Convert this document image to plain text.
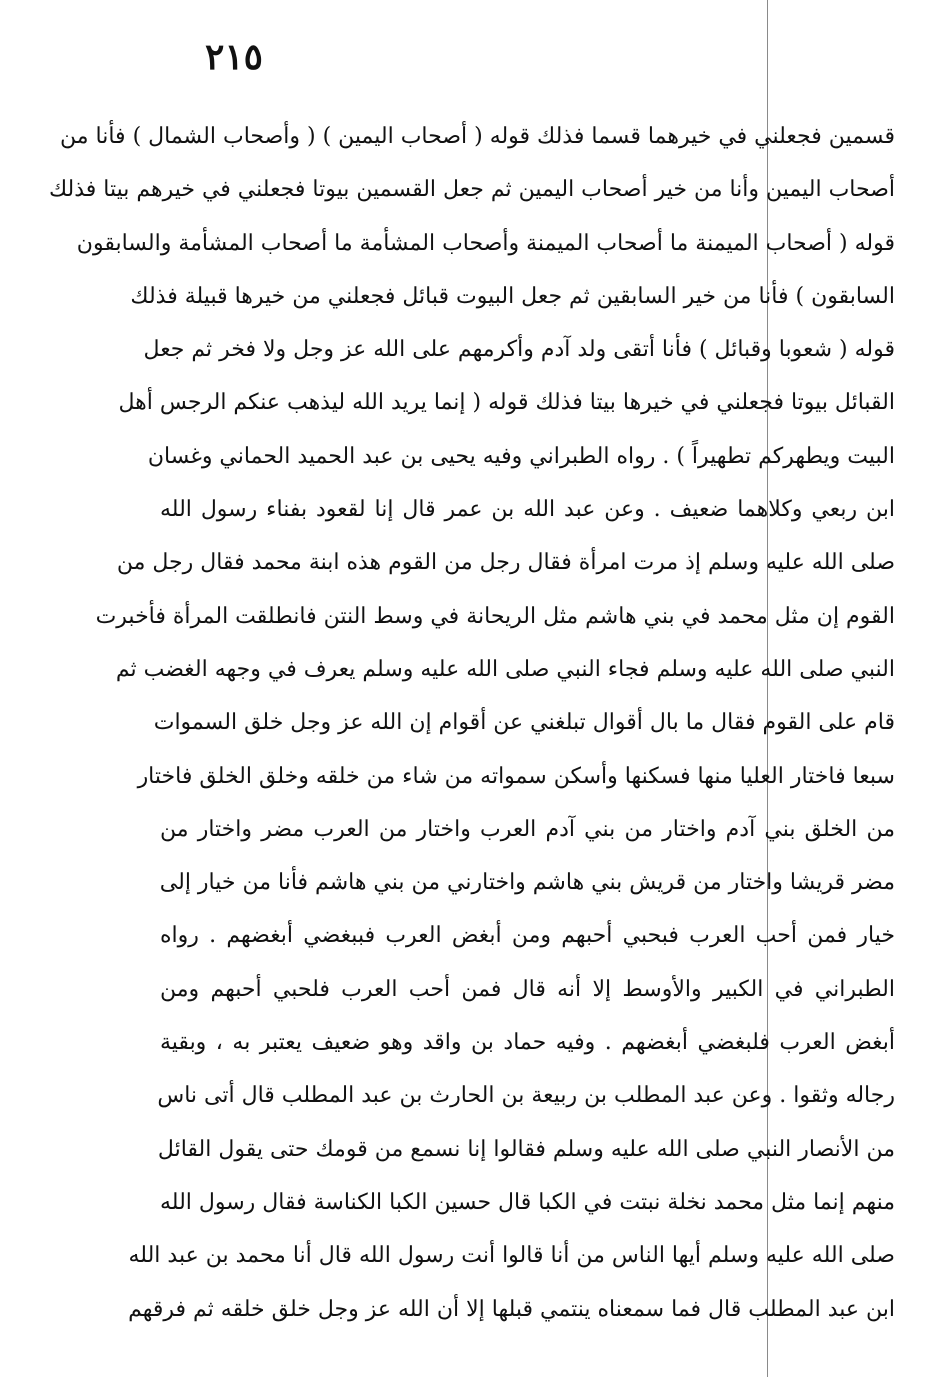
٢١٥
قسمين فجعلني في خيرهما قسما فذلك قوله ( أصحاب اليمين ) ( وأصحاب الشمال ) فأنا من
أصحاب اليمين وأنا من خير أصحاب اليمين ثم جعل القسمين بيوتا فجعلني في خيرهم بيتا فذلك
قوله ( أصحاب الميمنة ما أصحاب الميمنة وأصحاب المشأمة ما أصحاب المشأمة والسابقون
السابقون ) فأنا من خير السابقين ثم جعل البيوت قبائل فجعلني من خيرها قبيلة فذلك
قوله ( شعوبا وقبائل ) فأنا أتقى ولد آدم وأكرمهم على الله عز وجل ولا فخر ثم جعل
القبائل بيوتا فجعلني في خيرها بيتا فذلك قوله ( إنما يريد الله ليذهب عنكم الرجس أهل
البيت ويطهركم تطهيراً ) . رواه الطبراني وفيه يحيى بن عبد الحميد الحماني وغسان
ابن ربعي وكلاهما ضعيف . وعن عبد الله بن عمر قال إنا لقعود بفناء رسول الله
صلى الله عليه وسلم إذ مرت امرأة فقال رجل من القوم هذه ابنة محمد فقال رجل من
القوم إن مثل محمد في بني هاشم مثل الريحانة في وسط النتن فانطلقت المرأة فأخبرت
النبي صلى الله عليه وسلم فجاء النبي صلى الله عليه وسلم يعرف في وجهه الغضب ثم
قام على القوم فقال ما بال أقوال تبلغني عن أقوام إن الله عز وجل خلق السموات
سبعا فاختار العليا منها فسكنها وأسكن سمواته من شاء من خلقه وخلق الخلق فاختار
من الخلق بني آدم واختار من بني آدم العرب واختار من العرب مضر واختار من
مضر قريشا واختار من قريش بني هاشم واختارني من بني هاشم فأنا من خيار إلى
خيار فمن أحب العرب فبحبي أحبهم ومن أبغض العرب فببغضي أبغضهم . رواه
الطبراني في الكبير والأوسط إلا أنه قال فمن أحب العرب فلحبي أحبهم ومن
أبغض العرب فلبغضي أبغضهم . وفيه حماد بن واقد وهو ضعيف يعتبر به ، وبقية
رجاله وثقوا . وعن عبد المطلب بن ربيعة بن الحارث بن عبد المطلب قال أتى ناس
من الأنصار النبي صلى الله عليه وسلم فقالوا إنا نسمع من قومك حتى يقول القائل
منهم إنما مثل محمد نخلة نبتت في الكبا قال حسين الكبا الكناسة فقال رسول الله
صلى الله عليه وسلم أيها الناس من أنا قالوا أنت رسول الله قال أنا محمد بن عبد الله
ابن عبد المطلب قال فما سمعناه ينتمي قبلها إلا أن الله عز وجل خلق خلقه ثم فرقهم
